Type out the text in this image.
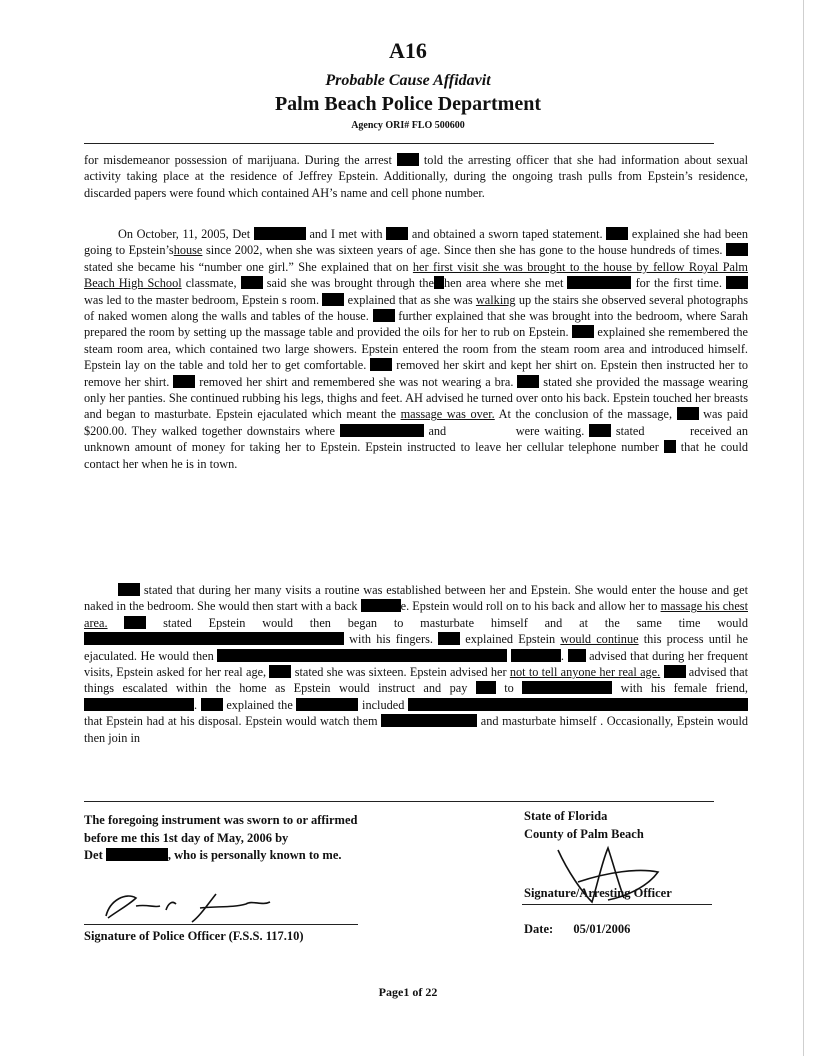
A16
Probable Cause Affidavit
Palm Beach Police Department
Agency ORI# FLO 500600

for misdemeanor possession of marijuana. During the arrest	told the arresting officer that she had information about sexual activity taking place at the residence of Jeffrey Epstein. Additionally, during the ongoing trash pulls from Epstein’s residence, discarded papers were found which contained AH’s name and cell phone number.

On October, 11, 2005, Det	and I met with and obtained a sworn taped statement. explained she had been going to Epstein’shouse since 2002, when she was sixteen years of age. Since then she has gone to the house hundreds of times.  stated she became his “number one girl.” She explained that on her first visit she was brought to the house by fellow Royal Palm Beach High School classmate, said she was brought through the hen area where she met	for the first time.  was led to the master bedroom, Epstein s room. explained that as she was walking up the stairs she observed several photographs of naked women along the walls and tables of the house. further explained that she was brought into the bedroom, where Sarah prepared the room by setting up the massage table and provided the oils for her to rub on Epstein. explained she remembered the steam room area, which contained two large showers. Epstein entered the room from the steam room area and introduced himself. Epstein lay on the table and told her to get comfortable. removed her skirt and kept her shirt on. Epstein then instructed her to remove her shirt. removed her shirt and remembered she was not wearing a bra. stated she provided the massage wearing only her panties. She continued rubbing his legs, thighs and feet. AH advised he turned over onto his back. Epstein touched her breasts and began to masturbate. Epstein ejaculated which meant the massage was over. At the conclusion of the massage,	was paid $200.00. They walked together downstairs where	and	were waiting.	stated	received an unknown amount of money for taking her to Epstein. Epstein instructed to leave her cellular telephone number that he could contact her when he is in town.

stated that during her many visits a routine was established between her and Epstein. She would enter the house and get naked in the bedroom. She would then start with a back	e. Epstein would roll on to his back and allow her to massage his chest area.	stated Epstein would then began to masturbate himself and at the same time would  with his fingers.	explained Epstein would continue this process until he ejaculated. He would then	. advised that during her frequent visits, Epstein asked for her real age, stated she was sixteen. Epstein advised her not to tell anyone her real age. advised that things escalated within the home as Epstein would instruct and pay	to	with his female friend, . explained the	included  that Epstein had at his disposal. Epstein would watch them	and masturbate himself . Occasionally, Epstein would then join in

The foregoing instrument was sworn to or affirmed
before me this 1st day of May, 2006 by
Det	, who is personally known to me.
Signature of Police Officer (F.S.S. 117.10)
State of Florida
County of Palm Beach
Signature/Arresting Officer
Date: 05/01/2006
Page1 of 22
